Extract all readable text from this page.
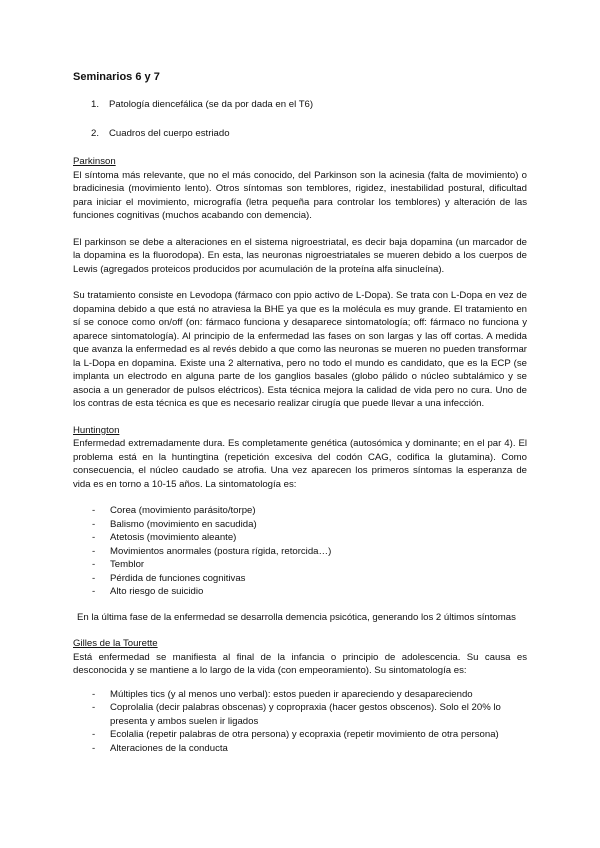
Seminarios 6 y 7
1. Patología diencefálica (se da por dada en el T6)
2. Cuadros del cuerpo estriado
Parkinson

El síntoma más relevante, que no el más conocido, del Parkinson son la acinesia (falta de movimiento) o bradicinesia (movimiento lento). Otros síntomas son temblores, rigidez, inestabilidad postural, dificultad para iniciar el movimiento, micrografía (letra pequeña para controlar los temblores) y alteración de las funciones cognitivas (muchos acabando con demencia).

El parkinson se debe a alteraciones en el sistema nigroestriatal, es decir baja dopamina (un marcador de la dopamina es la fluorodopa). En esta, las neuronas nigroestriatales se mueren debido a los cuerpos de Lewis (agregados proteicos producidos por acumulación de la proteína alfa sinucleína).

Su tratamiento consiste en Levodopa (fármaco con ppio activo de L-Dopa). Se trata con L-Dopa en vez de dopamina debido a que está no atraviesa la BHE ya que es la molécula es muy grande. El tratamiento en sí se conoce como on/off (on: fármaco funciona y desaparece sintomatología; off: fármaco no funciona y aparece sintomatología). Al principio de la enfermedad las fases on son largas y las off cortas. A medida que avanza la enfermedad es al revés debido a que como las neuronas se mueren no pueden transformar la L-Dopa en dopamina. Existe una 2 alternativa, pero no todo el mundo es candidato, que es la ECP (se implanta un electrodo en alguna parte de los ganglios basales (globo pálido o núcleo subtalámico y se asocia a un generador de pulsos eléctricos). Esta técnica mejora la calidad de vida pero no cura. Uno de los contras de esta técnica es que es necesario realizar cirugía que puede llevar a una infección.

Huntington

Enfermedad extremadamente dura. Es completamente genética (autosómica y dominante; en el par 4). El problema está en la huntingtina (repetición excesiva del codón CAG, codifica la glutamina). Como consecuencia, el núcleo caudado se atrofia. Una vez aparecen los primeros síntomas la esperanza de vida es en torno a 10-15 años. La sintomatología es:

- Corea (movimiento parásito/torpe)
- Balismo (movimiento en sacudida)
- Atetosis (movimiento aleante)
- Movimientos anormales (postura rígida, retorcida…)
- Temblor
- Pérdida de funciones cognitivas
- Alto riesgo de suicidio

En la última fase de la enfermedad se desarrolla demencia psicótica, generando los 2 últimos síntomas

Gilles de la Tourette

Está enfermedad se manifiesta al final de la infancia o principio de adolescencia. Su causa es desconocida y se mantiene a lo largo de la vida (con empeoramiento). Su sintomatología es:

- Múltiples tics (y al menos uno verbal): estos pueden ir apareciendo y desapareciendo
- Coprolalia (decir palabras obscenas) y copropraxia (hacer gestos obscenos). Solo el 20% lo presenta y ambos suelen ir ligados
- Ecolalia (repetir palabras de otra persona) y ecopraxia (repetir movimiento de otra persona)
- Alteraciones de la conducta
